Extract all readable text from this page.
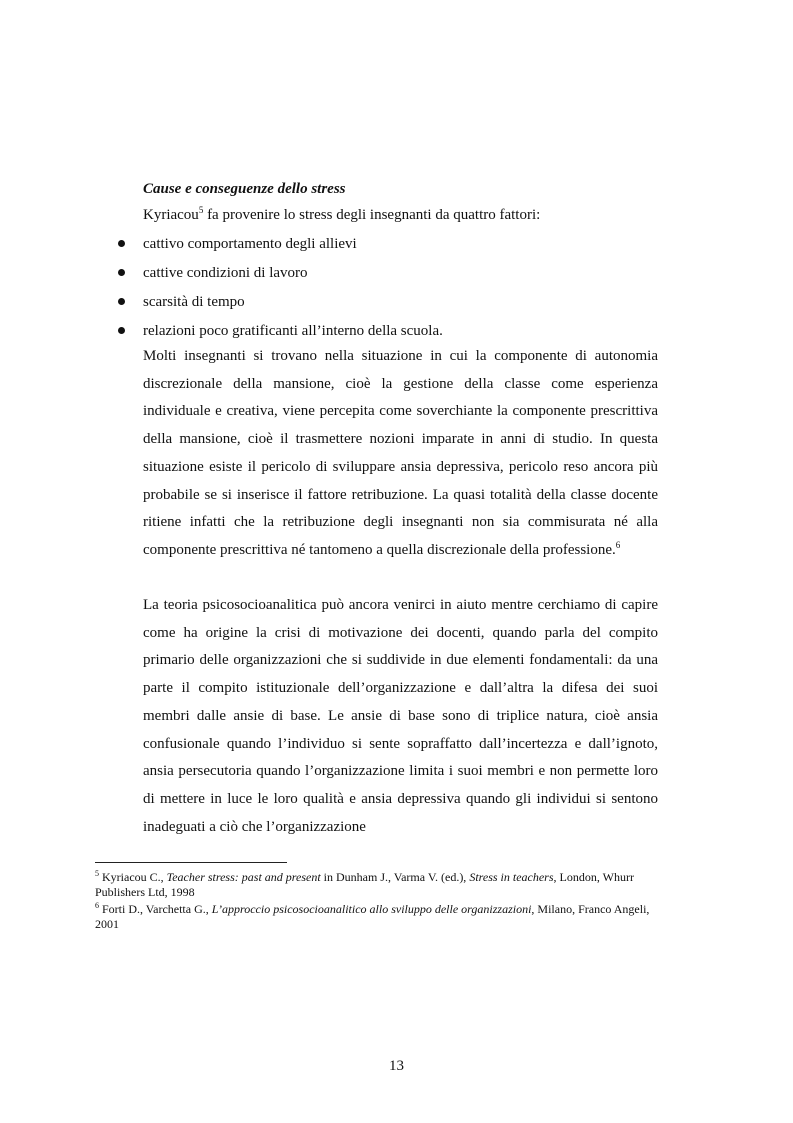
Cause e conseguenze dello stress

Kyriacou$^5$ fa provenire lo stress degli insegnanti da quattro fattori:

cattivo comportamento degli allievi
cattive condizioni di lavoro
scarsità di tempo
relazioni poco gratificanti all’interno della scuola.

Molti insegnanti si trovano nella situazione in cui la componente di autonomia discrezionale della mansione, cioè la gestione della classe come esperienza individuale e creativa, viene percepita come soverchiante la componente prescrittiva della mansione, cioè il trasmettere nozioni imparate in anni di studio. In questa situazione esiste il pericolo di sviluppare ansia depressiva, pericolo reso ancora più probabile se si inserisce il fattore retribuzione. La quasi totalità della classe docente ritiene infatti che la retribuzione degli insegnanti non sia commisurata né alla componente prescrittiva né tantomeno a quella discrezionale della professione.$^6$

La teoria psicosocioanalitica può ancora venirci in aiuto mentre cerchiamo di capire come ha origine la crisi di motivazione dei docenti, quando parla del compito primario delle organizzazioni che si suddivide in due elementi fondamentali: da una parte il compito istituzionale dell’organizzazione e dall’altra la difesa dei suoi membri dalle ansie di base. Le ansie di base sono di triplice natura, cioè ansia confusionale quando l’individuo si sente sopraffatto dall’incertezza e dall’ignoto, ansia persecutoria quando l’organizzazione limita i suoi membri e non permette loro di mettere in luce le loro qualità e ansia depressiva quando gli individui si sentono inadeguati a ciò che l’organizzazione

$^5$ Kyriacou C., Teacher stress: past and present in Dunham J., Varma V. (ed.), Stress in teachers, London, Whurr Publishers Ltd, 1998

$^6$ Forti D., Varchetta G., L’approccio psicosocioanalitico allo sviluppo delle organizzazioni, Milano, Franco Angeli, 2001

13
